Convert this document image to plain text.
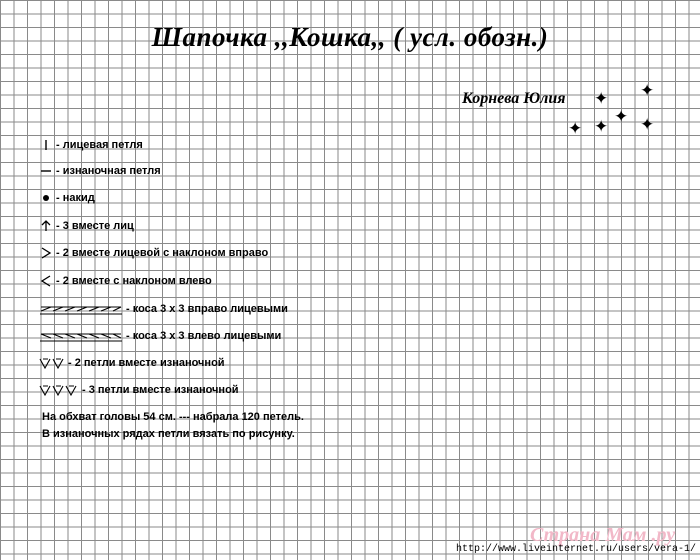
Шапочка ,,Кошка,, ( усл. обозн.)
Корнева Юлия ✦ ✦
✦
✦ ✦ ✦
- лицевая петля
- изнаночная петля
- накид
- 3 вместе лиц
- 2 вместе лицевой с наклоном вправо
- 2 вместе с наклоном влево
- коса 3 х 3 вправо лицевыми
- коса 3 х 3 влево лицевыми
- 2 петли вместе изнаночной
- 3 петли вместе изнаночной
На обхват головы 54 см. --- набрала 120 петель.
В изнаночных рядах петли вязать по рисунку.
Страна Мам .ру
http://www.liveinternet.ru/users/vera-1/
